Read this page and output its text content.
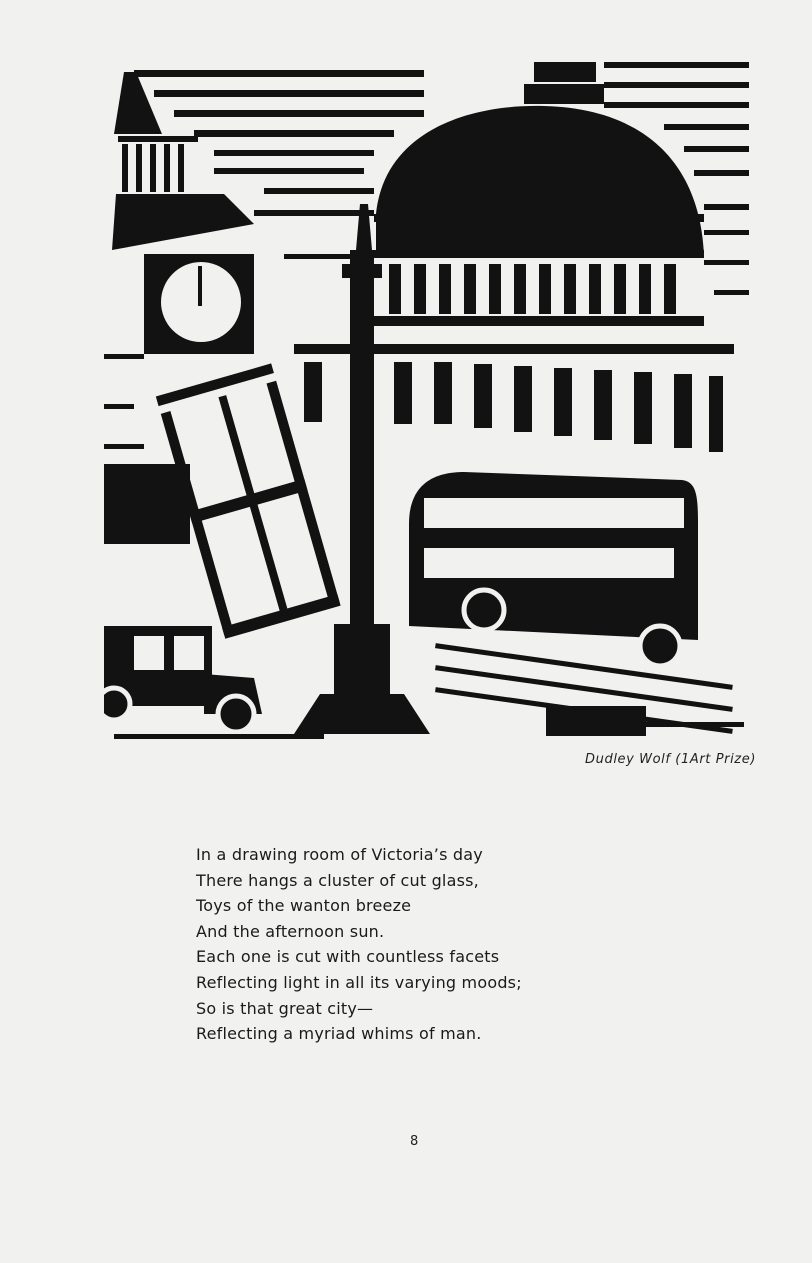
Dudley Wolf (1Art Prize)
In a drawing room of Victoria’s day
There hangs a cluster of cut glass,
Toys of the wanton breeze
And the afternoon sun.
Each one is cut with countless facets
Reflecting light in all its varying moods;
So is that great city—
Reflecting a myriad whims of man.
8
